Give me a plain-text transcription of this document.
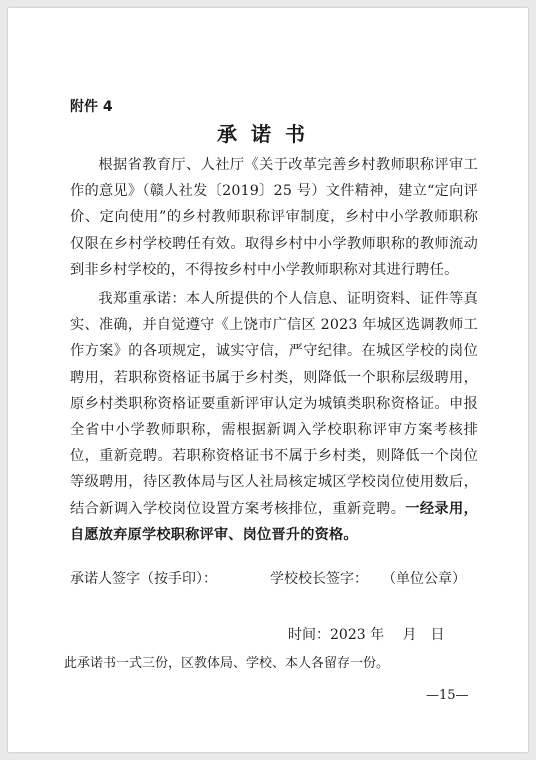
附件 4
承诺书

根据省教育厅、人社厅《关于改革完善乡村教师职称评审工作的意见》（赣人社发〔2019〕25 号）文件精神，建立“定向评价、定向使用”的乡村教师职称评审制度，乡村中小学教师职称仅限在乡村学校聘任有效。取得乡村中小学教师职称的教师流动到非乡村学校的，不得按乡村中小学教师职称对其进行聘任。

我郑重承诺：本人所提供的个人信息、证明资料、证件等真实、准确，并自觉遵守《上饶市广信区 2023 年城区选调教师工作方案》的各项规定，诚实守信，严守纪律。在城区学校的岗位聘用，若职称资格证书属于乡村类，则降低一个职称层级聘用，原乡村类职称资格证要重新评审认定为城镇类职称资格证。申报全省中小学教师职称，需根据新调入学校职称评审方案考核排位，重新竞聘。若职称资格证书不属于乡村类，则降低一个岗位等级聘用，待区教体局与区人社局核定城区学校岗位使用数后，结合新调入学校岗位设置方案考核排位，重新竞聘。一经录用，自愿放弃原学校职称评审、岗位晋升的资格。

承诺人签字（按手印）：	学校校长签字：　　（单位公章）
时间：2023 年　 月　日
此承诺书一式三份，区教体局、学校、本人各留存一份。
—15—
